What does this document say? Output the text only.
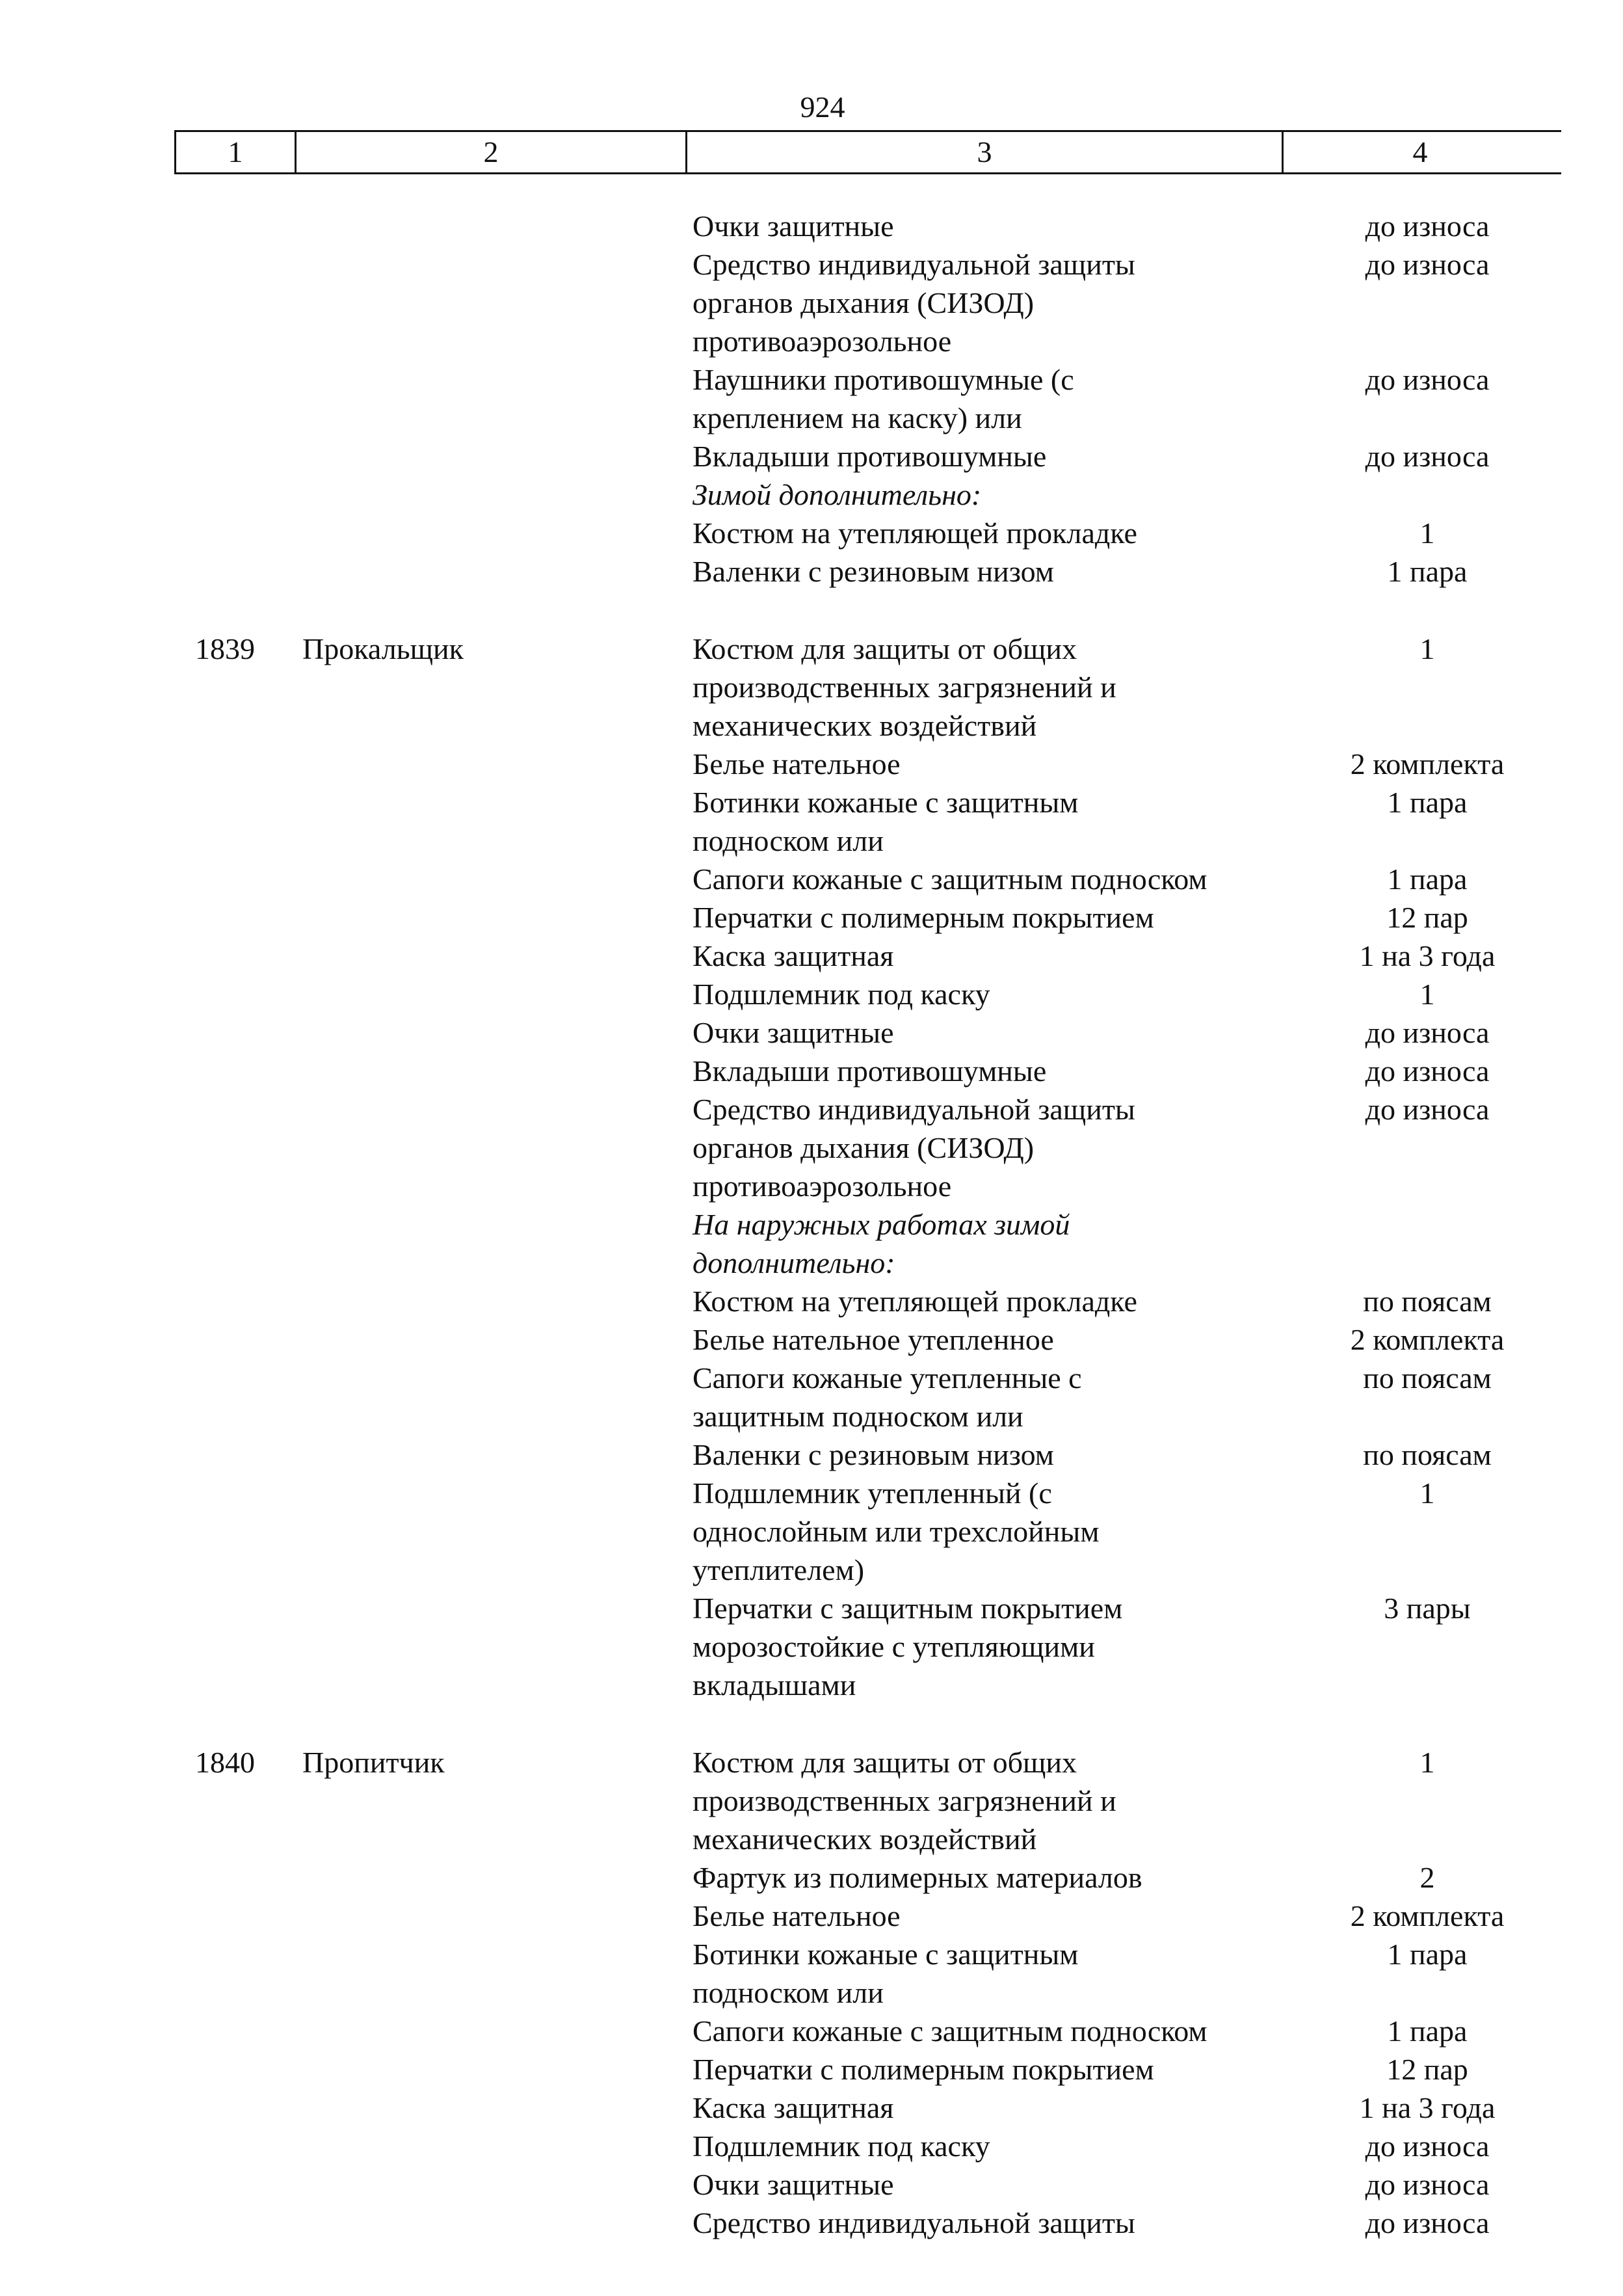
924
1	2	3	4
Очки защитные	до износа
Средство индивидуальной защиты	до износа
органов дыхания (СИЗОД)
противоаэрозольное
Наушники противошумные (с	до износа
креплением на каску) или
Вкладыши противошумные	до износа
Зимой дополнительно:
Костюм на утепляющей прокладке	1
Валенки с резиновым низом	1 пара
1839 Прокальщик	Костюм для защиты от общих	1
производственных загрязнений и
механических воздействий
Белье нательное	2 комплекта
Ботинки кожаные с защитным	1 пара
подноском или
Сапоги кожаные с защитным подноском	1 пара
Перчатки с полимерным покрытием	12 пар
Каска защитная	1 на 3 года
Подшлемник под каску	1
Очки защитные	до износа
Вкладыши противошумные	до износа
Средство индивидуальной защиты	до износа
органов дыхания (СИЗОД)
противоаэрозольное
На наружных работах зимой
дополнительно:
Костюм на утепляющей прокладке	по поясам
Белье нательное утепленное	2 комплекта
Сапоги кожаные утепленные с	по поясам
защитным подноском или
Валенки с резиновым низом	по поясам
Подшлемник утепленный (с	1
однослойным или трехслойным
утеплителем)
Перчатки с защитным покрытием	3 пары
морозостойкие с утепляющими
вкладышами
1840 Пропитчик	Костюм для защиты от общих	1
производственных загрязнений и
механических воздействий
Фартук из полимерных материалов	2
Белье нательное	2 комплекта
Ботинки кожаные с защитным	1 пара
подноском или
Сапоги кожаные с защитным подноском	1 пара
Перчатки с полимерным покрытием	12 пар
Каска защитная	1 на 3 года
Подшлемник под каску	до износа
Очки защитные	до износа
Средство индивидуальной защиты	до износа
